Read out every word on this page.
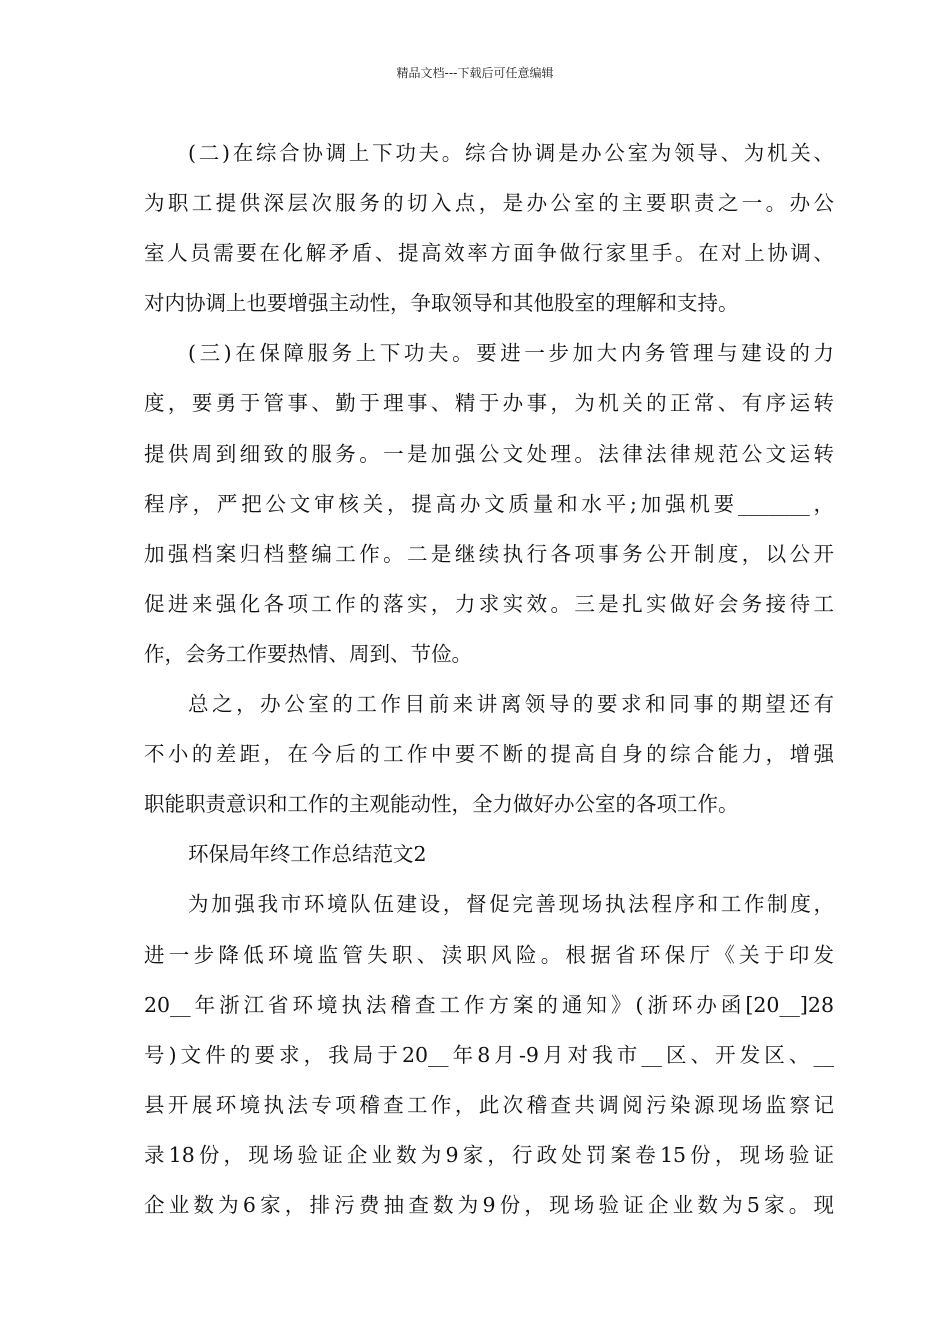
精品文档---下载后可任意编辑
(二)在综合协调上下功夫。综合协调是办公室为领导、为机关、
为职工提供深层次服务的切入点，是办公室的主要职责之一。办公
室人员需要在化解矛盾、提高效率方面争做行家里手。在对上协调、
对内协调上也要增强主动性，争取领导和其他股室的理解和支持。
(三)在保障服务上下功夫。要进一步加大内务管理与建设的力
度，要勇于管事、勤于理事、精于办事，为机关的正常、有序运转
提供周到细致的服务。一是加强公文处理。法律法律规范公文运转
程序，严把公文审核关，提高办文质量和水平;加强机要_______，
加强档案归档整编工作。二是继续执行各项事务公开制度，以公开
促进来强化各项工作的落实，力求实效。三是扎实做好会务接待工
作，会务工作要热情、周到、节俭。
总之，办公室的工作目前来讲离领导的要求和同事的期望还有
不小的差距，在今后的工作中要不断的提高自身的综合能力，增强
职能职责意识和工作的主观能动性，全力做好办公室的各项工作。
环保局年终工作总结范文2
为加强我市环境队伍建设，督促完善现场执法程序和工作制度，
进一步降低环境监管失职、渎职风险。根据省环保厅《关于印发
20__年浙江省环境执法稽查工作方案的通知》(浙环办函[20__]28
号)文件的要求，我局于20__年8月-9月对我市__区、开发区、__
县开展环境执法专项稽查工作，此次稽查共调阅污染源现场监察记
录18份，现场验证企业数为9家，行政处罚案卷15份，现场验证
企业数为6家，排污费抽查数为9份，现场验证企业数为5家。现
